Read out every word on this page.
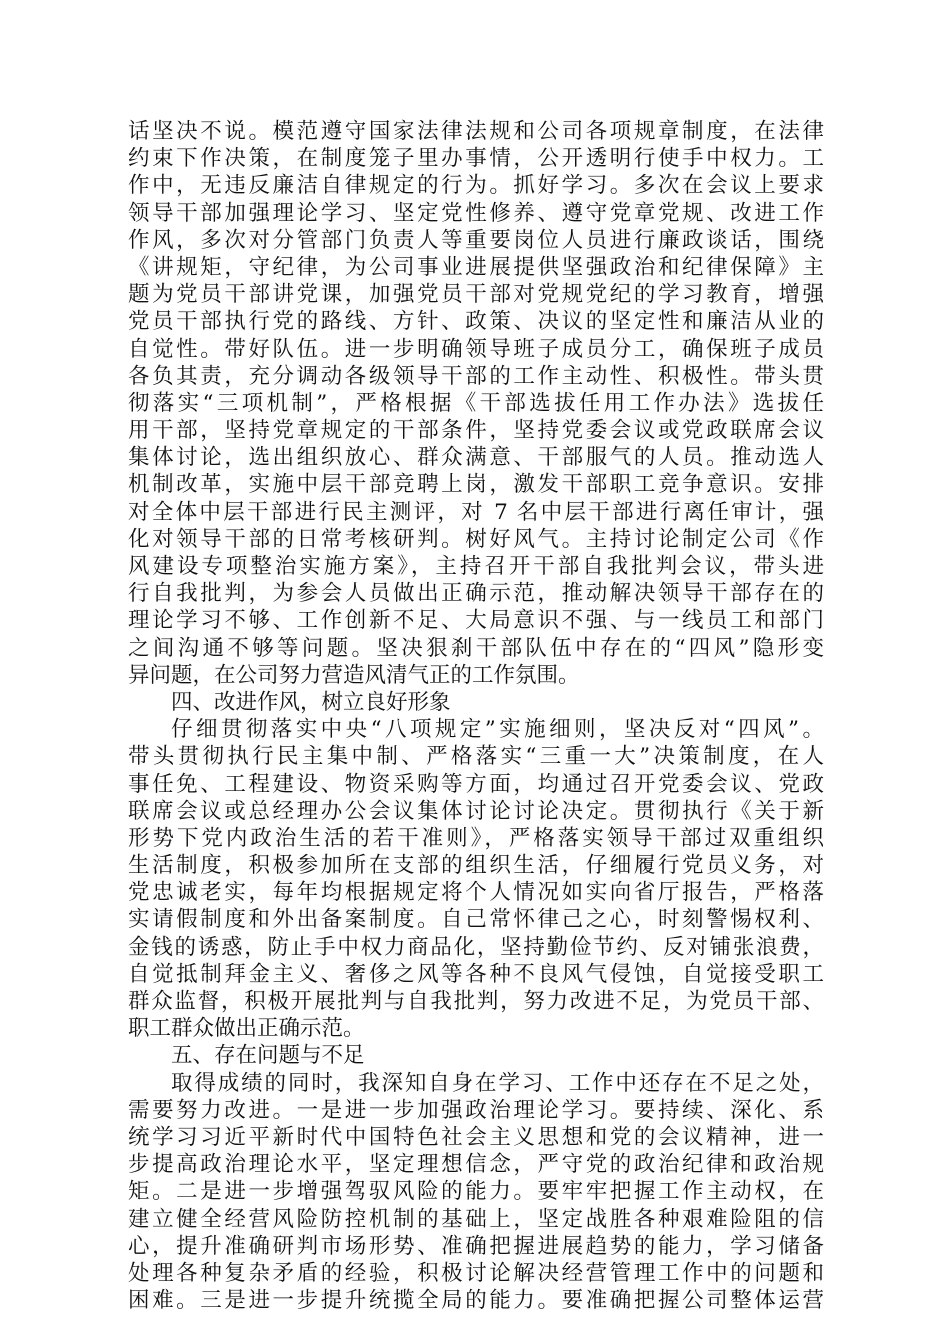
话坚决不说。模范遵守国家法律法规和公司各项规章制度，在法律
约束下作决策，在制度笼子里办事情，公开透明行使手中权力。工
作中，无违反廉洁自律规定的行为。抓好学习。多次在会议上要求
领导干部加强理论学习、坚定党性修养、遵守党章党规、改进工作
作风，多次对分管部门负责人等重要岗位人员进行廉政谈话，围绕
《讲规矩，守纪律，为公司事业进展提供坚强政治和纪律保障》主
题为党员干部讲党课，加强党员干部对党规党纪的学习教育，增强
党员干部执行党的路线、方针、政策、决议的坚定性和廉洁从业的
自觉性。带好队伍。进一步明确领导班子成员分工，确保班子成员
各负其责，充分调动各级领导干部的工作主动性、积极性。带头贯
彻落实“三项机制”，严格根据《干部选拔任用工作办法》选拔任
用干部，坚持党章规定的干部条件，坚持党委会议或党政联席会议
集体讨论，选出组织放心、群众满意、干部服气的人员。推动选人
机制改革，实施中层干部竞聘上岗，激发干部职工竞争意识。安排
对全体中层干部进行民主测评，对 7 名中层干部进行离任审计，强
化对领导干部的日常考核研判。树好风气。主持讨论制定公司《作
风建设专项整治实施方案》，主持召开干部自我批判会议，带头进
行自我批判，为参会人员做出正确示范，推动解决领导干部存在的
理论学习不够、工作创新不足、大局意识不强、与一线员工和部门
之间沟通不够等问题。坚决狠刹干部队伍中存在的“四风”隐形变
异问题，在公司努力营造风清气正的工作氛围。
四、改进作风，树立良好形象
仔细贯彻落实中央“八项规定”实施细则，坚决反对“四风”。
带头贯彻执行民主集中制、严格落实“三重一大”决策制度，在人
事任免、工程建设、物资采购等方面，均通过召开党委会议、党政
联席会议或总经理办公会议集体讨论讨论决定。贯彻执行《关于新
形势下党内政治生活的若干准则》，严格落实领导干部过双重组织
生活制度，积极参加所在支部的组织生活，仔细履行党员义务，对
党忠诚老实，每年均根据规定将个人情况如实向省厅报告，严格落
实请假制度和外出备案制度。自己常怀律己之心，时刻警惕权利、
金钱的诱惑，防止手中权力商品化，坚持勤俭节约、反对铺张浪费，
自觉抵制拜金主义、奢侈之风等各种不良风气侵蚀，自觉接受职工
群众监督，积极开展批判与自我批判，努力改进不足，为党员干部、
职工群众做出正确示范。
五、存在问题与不足
取得成绩的同时，我深知自身在学习、工作中还存在不足之处，
需要努力改进。一是进一步加强政治理论学习。要持续、深化、系
统学习习近平新时代中国特色社会主义思想和党的会议精神，进一
步提高政治理论水平，坚定理想信念，严守党的政治纪律和政治规
矩。二是进一步增强驾驭风险的能力。要牢牢把握工作主动权，在
建立健全经营风险防控机制的基础上，坚定战胜各种艰难险阻的信
心，提升准确研判市场形势、准确把握进展趋势的能力，学习储备
处理各种复杂矛盾的经验，积极讨论解决经营管理工作中的问题和
困难。三是进一步提升统揽全局的能力。要准确把握公司整体运营
